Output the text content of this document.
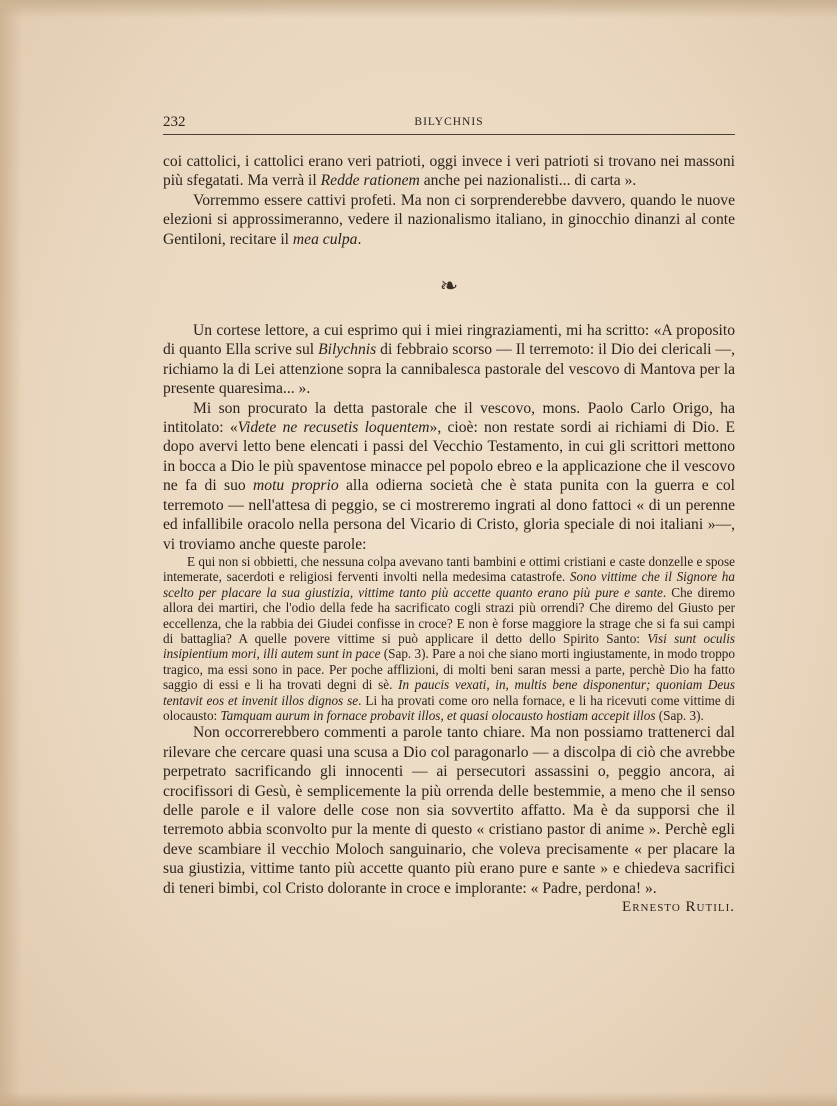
232	BILYCHNIS

coi cattolici, i cattolici erano veri patrioti, oggi invece i veri patrioti si trovano nei massoni più sfegatati. Ma verrà il Redde rationem anche pei nazionalisti... di carta ».

Vorremmo essere cattivi profeti. Ma non ci sorprenderebbe davvero, quando le nuove elezioni si approssimeranno, vedere il nazionalismo italiano, in ginocchio dinanzi al conte Gentiloni, recitare il mea culpa.

❧

Un cortese lettore, a cui esprimo qui i miei ringraziamenti, mi ha scritto: «A proposito di quanto Ella scrive sul Bilychnis di febbraio scorso — Il terremoto: il Dio dei clericali —, richiamo la di Lei attenzione sopra la cannibalesca pastorale del vescovo di Mantova per la presente quaresima... ».

Mi son procurato la detta pastorale che il vescovo, mons. Paolo Carlo Origo, ha intitolato: «Videte ne recusetis loquentem», cioè: non restate sordi ai richiami di Dio. E dopo avervi letto bene elencati i passi del Vecchio Testamento, in cui gli scrittori mettono in bocca a Dio le più spaventose minacce pel popolo ebreo e la applicazione che il vescovo ne fa di suo motu proprio alla odierna società che è stata punita con la guerra e col terremoto — nell'attesa di peggio, se ci mostreremo ingrati al dono fattoci « di un perenne ed infallibile oracolo nella persona del Vicario di Cristo, gloria speciale di noi italiani »—, vi troviamo anche queste parole:

E qui non si obbietti, che nessuna colpa avevano tanti bambini e ottimi cristiani e caste donzelle e spose intemerate, sacerdoti e religiosi ferventi involti nella medesima catastrofe. Sono vittime che il Signore ha scelto per placare la sua giustizia, vittime tanto più accette quanto erano più pure e sante. Che diremo allora dei martiri, che l'odio della fede ha sacrificato cogli strazi più orrendi? Che diremo del Giusto per eccellenza, che la rabbia dei Giudei confisse in croce? E non è forse maggiore la strage che si fa sui campi di battaglia? A quelle povere vittime si può applicare il detto dello Spirito Santo: Visi sunt oculis insipientium mori, illi autem sunt in pace (Sap. 3). Pare a noi che siano morti ingiustamente, in modo troppo tragico, ma essi sono in pace. Per poche afflizioni, di molti beni saran messi a parte, perchè Dio ha fatto saggio di essi e li ha trovati degni di sè. In paucis vexati, in, multis bene disponentur; quoniam Deus tentavit eos et invenit illos dignos se. Li ha provati come oro nella fornace, e li ha ricevuti come vittime di olocausto: Tamquam aurum in fornace probavit illos, et quasi olocausto hostiam accepit illos (Sap. 3).

Non occorrerebbero commenti a parole tanto chiare. Ma non possiamo trattenerci dal rilevare che cercare quasi una scusa a Dio col paragonarlo — a discolpa di ciò che avrebbe perpetrato sacrificando gli innocenti — ai persecutori assassini o, peggio ancora, ai crocifissori di Gesù, è semplicemente la più orrenda delle bestemmie, a meno che il senso delle parole e il valore delle cose non sia sovvertito affatto. Ma è da supporsi che il terremoto abbia sconvolto pur la mente di questo « cristiano pastor di anime ». Perchè egli deve scambiare il vecchio Moloch sanguinario, che voleva precisamente « per placare la sua giustizia, vittime tanto più accette quanto più erano pure e sante » e chiedeva sacrifici di teneri bimbi, col Cristo dolorante in croce e implorante: « Padre, perdona! ».

Ernesto Rutili.
